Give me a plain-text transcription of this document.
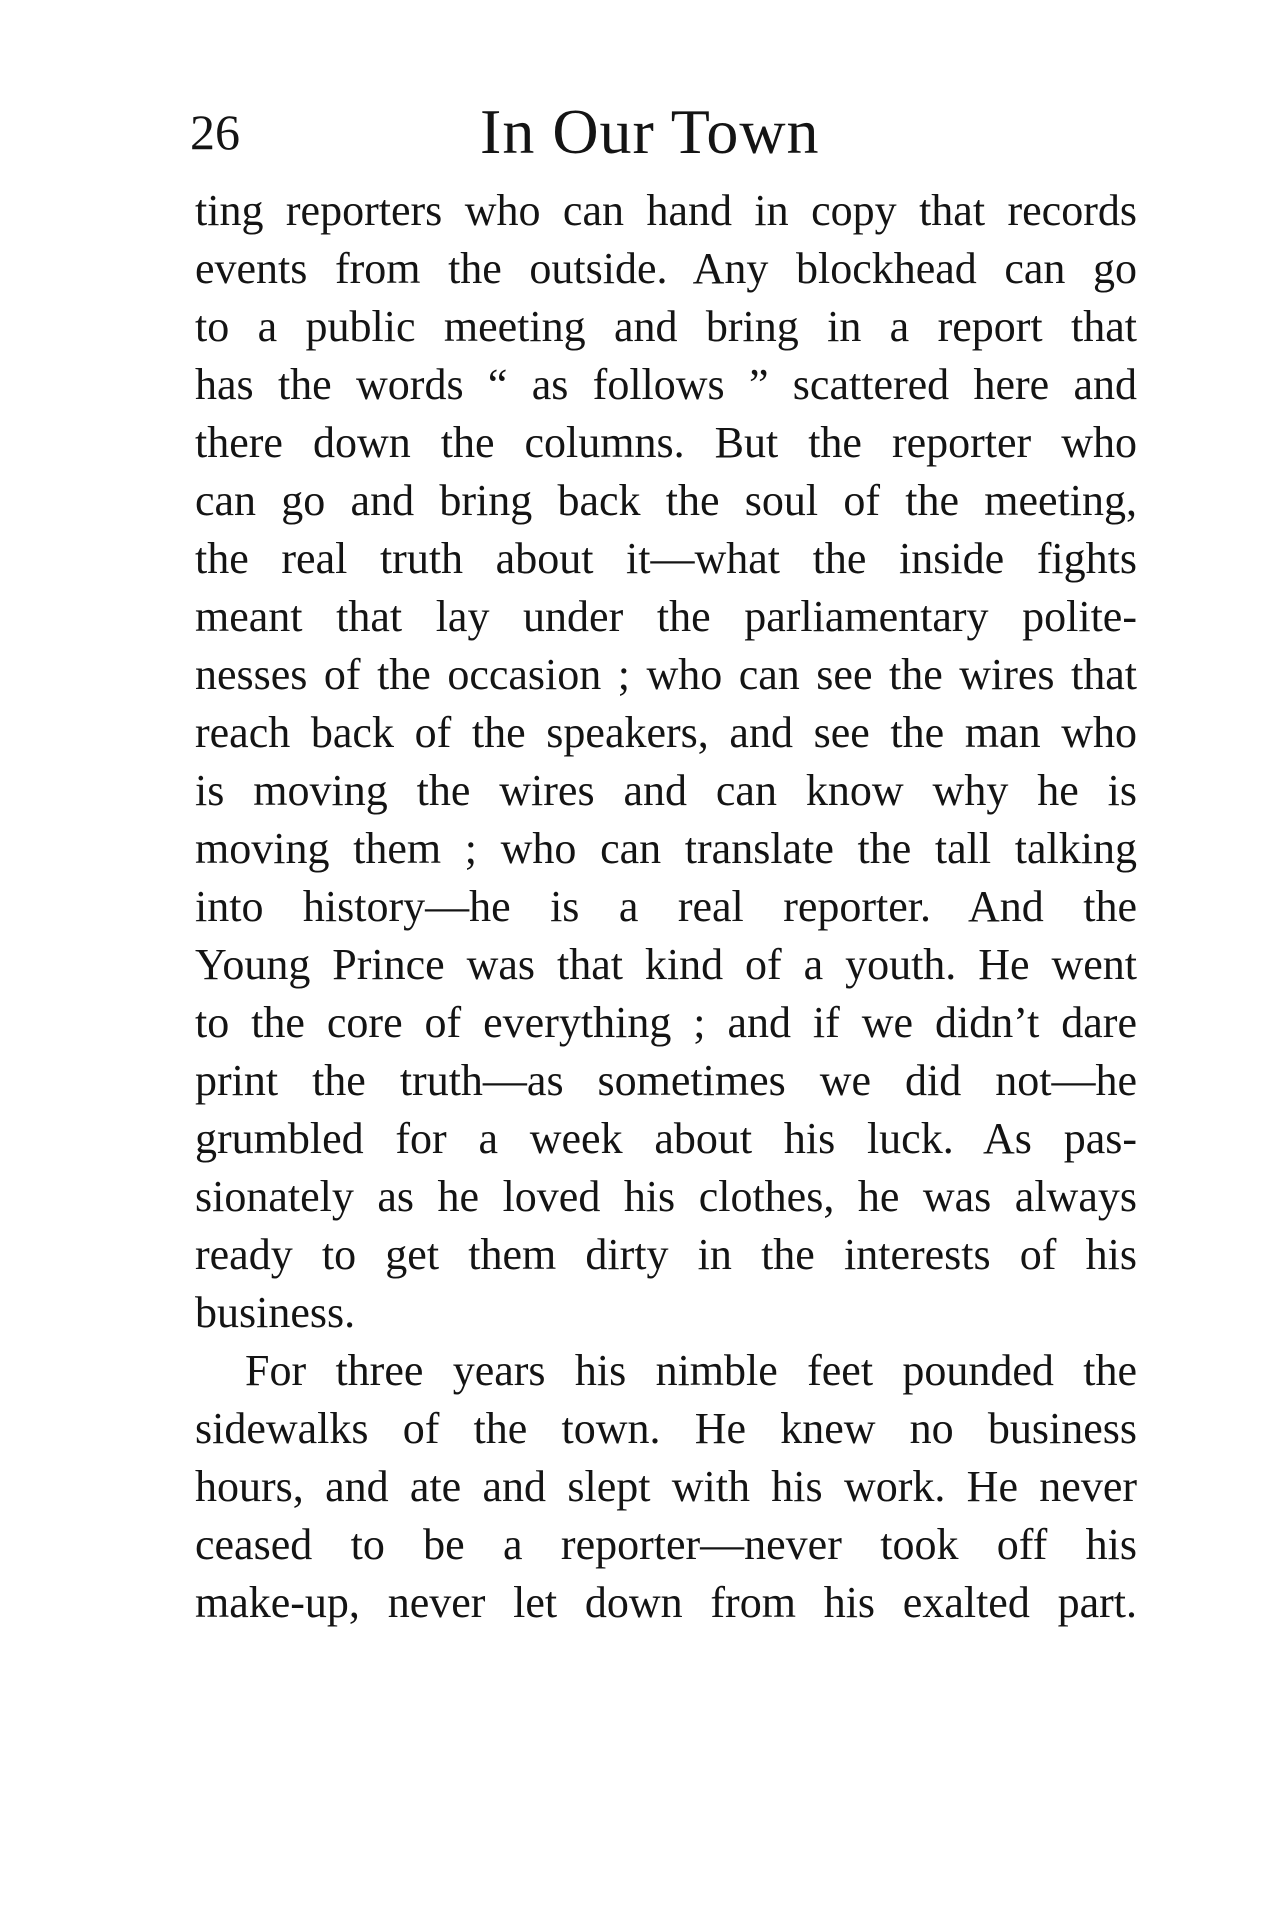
26	In Our Town
ting reporters who can hand in copy that records
events from the outside. Any blockhead can go
to a public meeting and bring in a report that
has the words “ as follows ” scattered here and
there down the columns. But the reporter who
can go and bring back the soul of the meeting,
the real truth about it—what the inside fights
meant that lay under the parliamentary polite-
nesses of the occasion ; who can see the wires that
reach back of the speakers, and see the man who
is moving the wires and can know why he is
moving them ; who can translate the tall talking
into history—he is a real reporter. And the
Young Prince was that kind of a youth. He went
to the core of everything ; and if we didn’t dare
print the truth—as sometimes we did not—he
grumbled for a week about his luck. As pas-
sionately as he loved his clothes, he was always
ready to get them dirty in the interests of his
business.
For three years his nimble feet pounded the
sidewalks of the town. He knew no business
hours, and ate and slept with his work. He never
ceased to be a reporter—never took off his
make-up, never let down from his exalted part.
